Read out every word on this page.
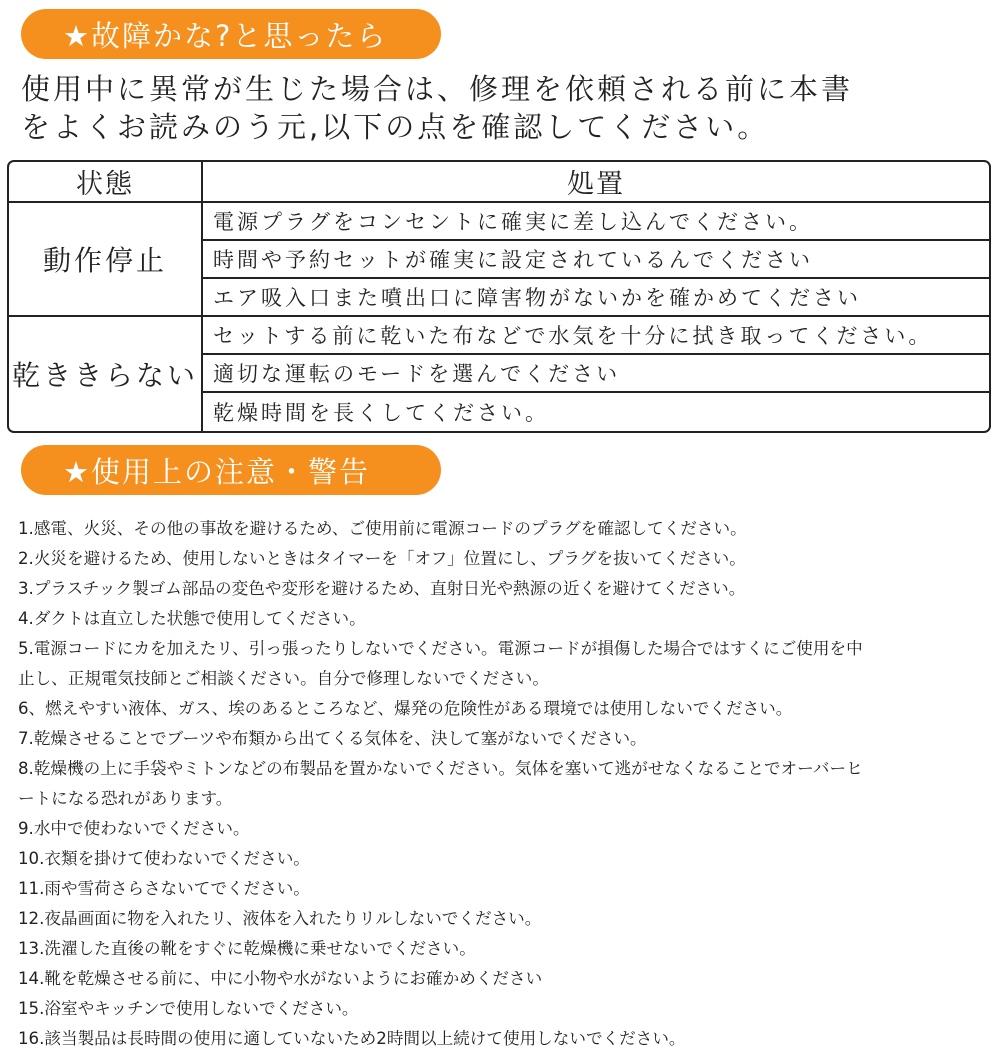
★故障かな?と思ったら
使用中に異常が生じた場合は、修理を依頼される前に本書
をよくお読みのう元,以下の点を確認してください。
状態	処置
動作停止	電源プラグをコンセントに確実に差し込んでください。
	時間や予約セットが確実に設定されているんでください
	エア吸入口また噴出口に障害物がないかを確かめてください
乾ききらない	セットする前に乾いた布などで水気を十分に拭き取ってください。
	適切な運転のモードを選んでください
	乾燥時間を長くしてください。
★使用上の注意・警告
1.感電、火災、その他の事故を避けるため、ご使用前に電源コードのプラグを確認してください。
2.火災を避けるため、使用しないときはタイマーを「オフ」位置にし、プラグを抜いてください。
3.プラスチック製ゴム部品の変色や変形を避けるため、直射日光や熱源の近くを避けてください。
4.ダクトは直立した状態で使用してください。
5.電源コードにカを加えたリ、引っ張ったりしないでください。電源コードが損傷した場合ではすくにご使用を中
止し、正規電気技師とご相談ください。自分で修理しないでください。
6、燃えやすい液体、ガス、埃のあるところなど、爆発の危険性がある環境では使用しないでください。
7.乾燥させることでブーツや布類から出てくる気体を、決して塞がないでください。
8.乾燥機の上に手袋やミトンなどの布製品を置かないでください。気体を塞いて逃がせなくなることでオーバーヒ
ートになる恐れがあります。
9.水中で使わないでください。
10.衣類を掛けて使わないでください。
11.雨や雪荷さらさないてでください。
12.夜晶画面に物を入れたリ、液体を入れたりリルしないでください。
13.洗濯した直後の靴をすぐに乾燥機に乗せないでください。
14.靴を乾燥させる前に、中に小物や水がないようにお確かめください
15.浴室やキッチンで使用しないでください。
16.該当製品は長時間の使用に適していないため2時間以上続けて使用しないでください。
